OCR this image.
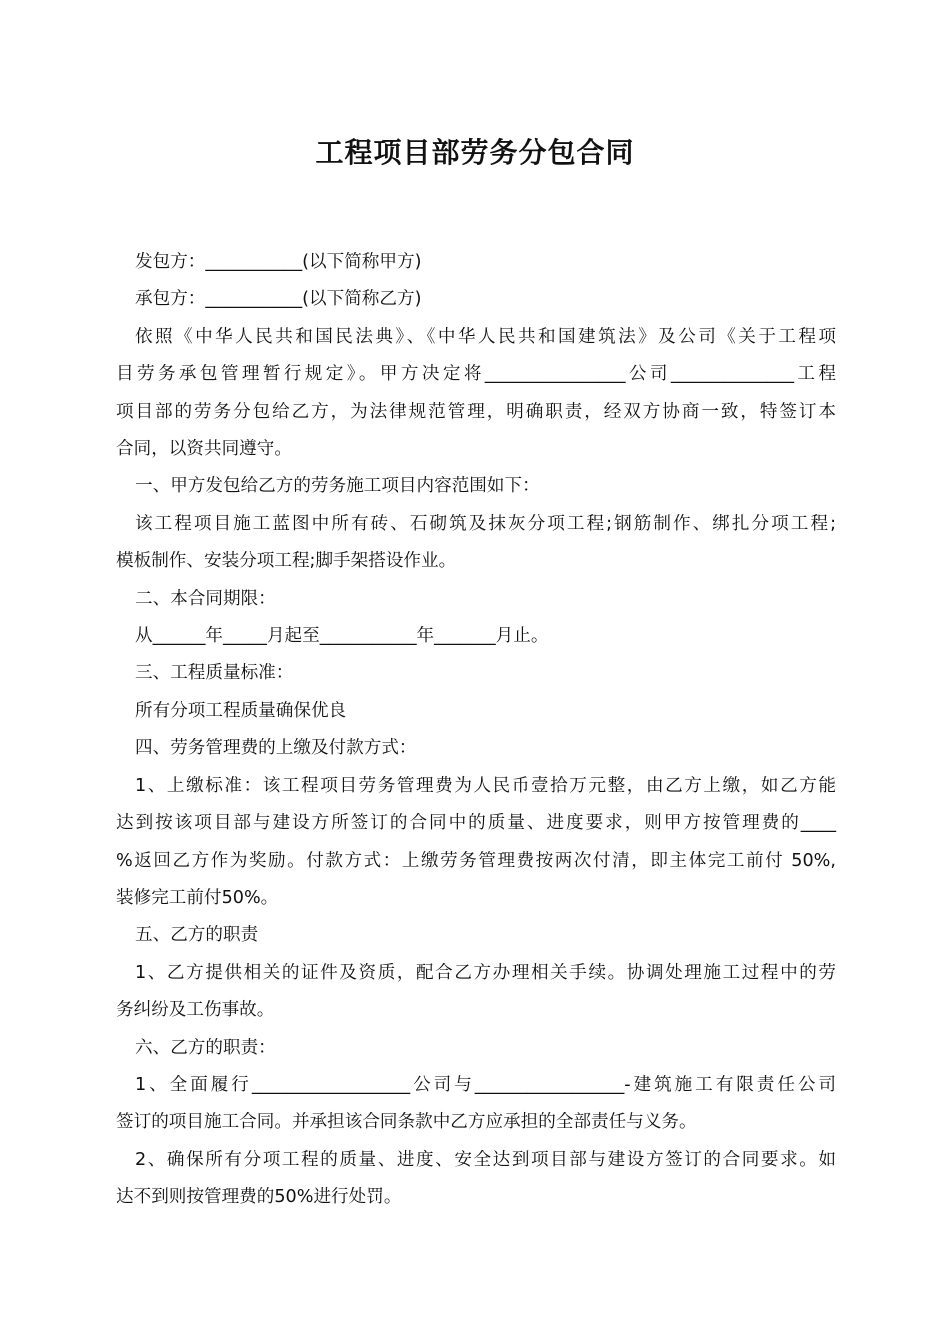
工程项目部劳务分包合同

发包方：___________(以下简称甲方)

承包方：___________(以下简称乙方)

依照《中华人民共和国民法典》、《中华人民共和国建筑法》及公司《关于工程项
目劳务承包管理暂行规定》。甲方决定将________________公司______________工程
项目部的劳务分包给乙方，为法律规范管理，明确职责，经双方协商一致，特签订本
合同，以资共同遵守。

一、甲方发包给乙方的劳务施工项目内容范围如下：

该工程项目施工蓝图中所有砖、石砌筑及抹灰分项工程;钢筋制作、绑扎分项工程;
模板制作、安装分项工程;脚手架搭设作业。

二、本合同期限：

从______年_____月起至___________年_______月止。

三、工程质量标准：

所有分项工程质量确保优良

四、劳务管理费的上缴及付款方式：

1、上缴标准：该工程项目劳务管理费为人民币壹拾万元整，由乙方上缴，如乙方能
达到按该项目部与建设方所签订的合同中的质量、进度要求，则甲方按管理费的____
%返回乙方作为奖励。付款方式：上缴劳务管理费按两次付清，即主体完工前付 50%,
装修完工前付50%。

五、乙方的职责

1、乙方提供相关的证件及资质，配合乙方办理相关手续。协调处理施工过程中的劳
务纠纷及工伤事故。

六、乙方的职责：

1、全面履行__________________公司与_________________-建筑施工有限责任公司
签订的项目施工合同。并承担该合同条款中乙方应承担的全部责任与义务。

2、确保所有分项工程的质量、进度、安全达到项目部与建设方签订的合同要求。如
达不到则按管理费的50%进行处罚。
